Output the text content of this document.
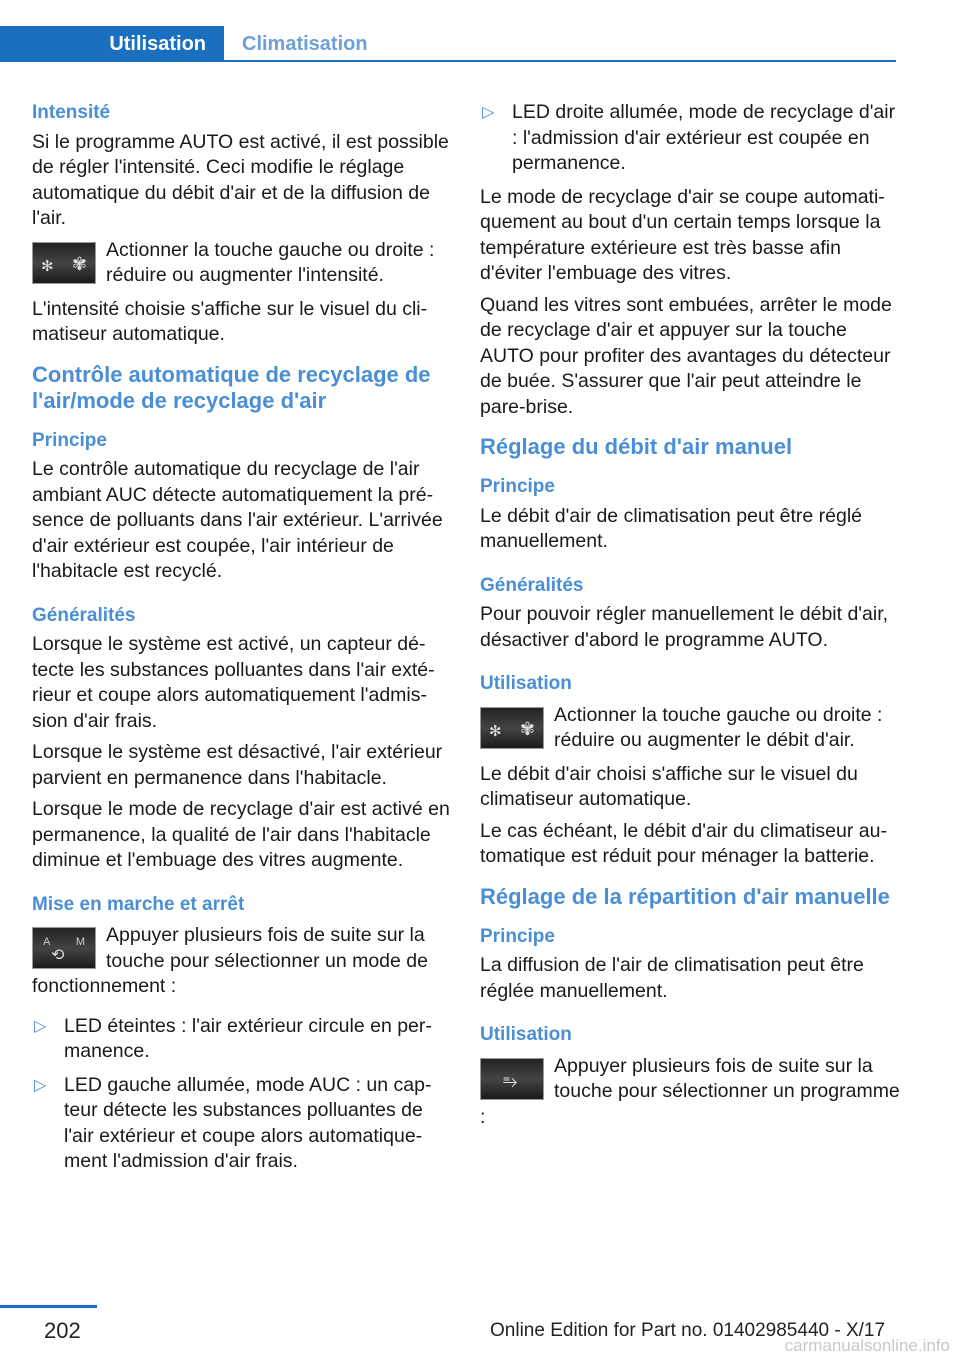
Utilisation	Climatisation
Intensité

Si le programme AUTO est activé, il est possible de régler l'intensité. Ceci modifie le réglage automatique du débit d'air et de la diffusion de l'air.

✻ ✾
Actionner la touche gauche ou droite : réduire ou augmenter l'intensité.

L'intensité choisie s'affiche sur le visuel du climatiseur automatique.

Contrôle automatique de recyclage de l'air/mode de recyclage d'air
Principe

Le contrôle automatique du recyclage de l'air ambiant AUC détecte automatiquement la présence de polluants dans l'air extérieur. L'arrivée d'air extérieur est coupée, l'air intérieur de l'habitacle est recyclé.

Généralités

Lorsque le système est activé, un capteur détecte les substances polluantes dans l'air extérieur et coupe alors automatiquement l'admission d'air frais.

Lorsque le système est désactivé, l'air extérieur parvient en permanence dans l'habitacle.

Lorsque le mode de recyclage d'air est activé en permanence, la qualité de l'air dans l'habitacle diminue et l'embuage des vitres augmente.

Mise en marche et arrêt
A M
⟲
Appuyer plusieurs fois de suite sur la touche pour sélectionner un mode de fonctionnement :
▷ LED éteintes : l'air extérieur circule en permanence.
▷ LED gauche allumée, mode AUC : un capteur détecte les substances polluantes de l'air extérieur et coupe alors automatiquement l'admission d'air frais.
▷ LED droite allumée, mode de recyclage d'air : l'admission d'air extérieur est coupée en permanence.

Le mode de recyclage d'air se coupe automatiquement au bout d'un certain temps lorsque la température extérieure est très basse afin d'éviter l'embuage des vitres.

Quand les vitres sont embuées, arrêter le mode de recyclage d'air et appuyer sur la touche AUTO pour profiter des avantages du détecteur de buée. S'assurer que l'air peut atteindre le pare-brise.

Réglage du débit d'air manuel
Principe

Le débit d'air de climatisation peut être réglé manuellement.

Généralités

Pour pouvoir régler manuellement le débit d'air, désactiver d'abord le programme AUTO.

Utilisation
✻ ✾
Actionner la touche gauche ou droite : réduire ou augmenter le débit d'air.

Le débit d'air choisi s'affiche sur le visuel du climatiseur automatique.

Le cas échéant, le débit d'air du climatiseur automatique est réduit pour ménager la batterie.

Réglage de la répartition d'air manuelle
Principe

La diffusion de l'air de climatisation peut être réglée manuellement.

Utilisation
⥱
Appuyer plusieurs fois de suite sur la touche pour sélectionner un programme :
202	Online Edition for Part no. 01402985440 - X/17
carmanualsonline.info
